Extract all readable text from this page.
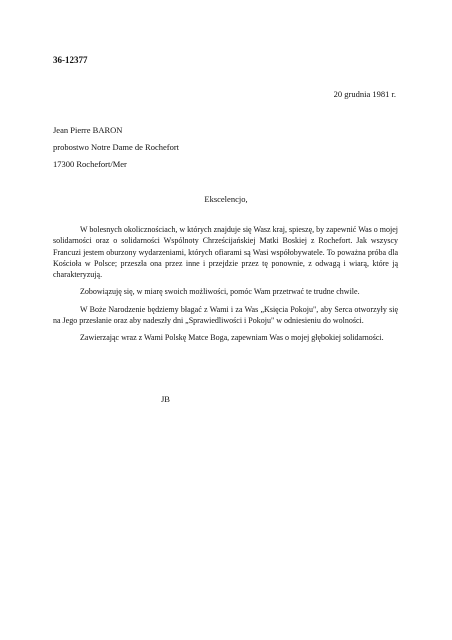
36-12377
20 grudnia 1981 r.
Jean Pierre BARON
probostwo Notre Dame de Rochefort
17300 Rochefort/Mer
Ekscelencjo,

W bolesnych okolicznościach, w których znajduje się Wasz kraj, spieszę, by zapewnić Was o mojej solidarności oraz o solidarności Wspólnoty Chrześcijańskiej Matki Boskiej z Rochefort. Jak wszyscy Francuzi jestem oburzony wydarzeniami, których ofiarami są Wasi współobywatele. To poważna próba dla Kościoła w Polsce; przeszła ona przez inne i przejdzie przez tę ponownie, z odwagą i wiarą, które ją charakteryzują.

Zobowiązuję się, w miarę swoich możliwości, pomóc Wam przetrwać te trudne chwile.

W Boże Narodzenie będziemy błagać z Wami i za Was „Księcia Pokoju", aby Serca otworzyły się na Jego przesłanie oraz aby nadeszły dni „Sprawiedliwości i Pokoju" w odniesieniu do wolności.

Zawierzając wraz z Wami Polskę Matce Boga, zapewniam Was o mojej głębokiej solidarności.

JB
